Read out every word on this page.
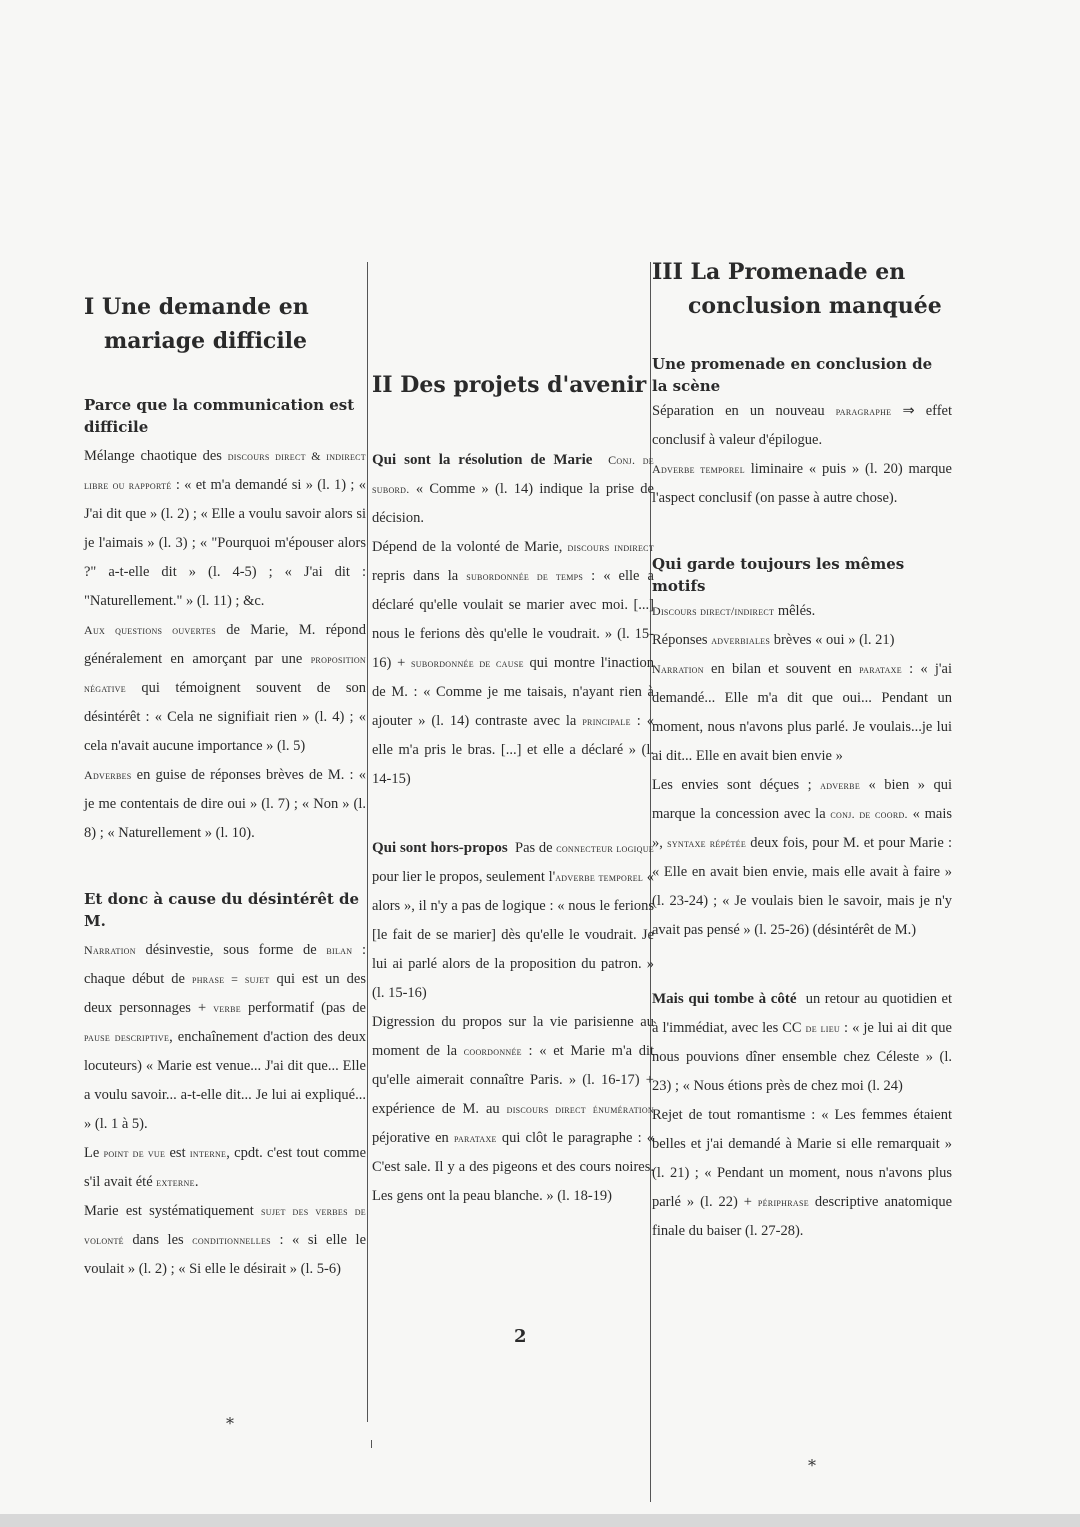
I Une demande en mariage difficile
Parce que la communication est difficile

Mélange chaotique des discours direct & indirect libre ou rapporté : « et m'a demandé si » (l. 1) ; « J'ai dit que » (l. 2) ; « Elle a voulu savoir alors si je l'aimais » (l. 3) ; « "Pourquoi m'épouser alors ?" a-t-elle dit » (l. 4-5) ; « J'ai dit : "Naturellement." » (l. 11) ; &c.

Aux questions ouvertes de Marie, M. répond généralement en amorçant par une proposition négative qui témoignent souvent de son désintérêt : « Cela ne signifiait rien » (l. 4) ; « cela n'avait aucune importance » (l. 5)

Adverbes en guise de réponses brèves de M. : « je me contentais de dire oui » (l. 7) ; « Non » (l. 8) ; « Naturellement » (l. 10).

Et donc à cause du désintérêt de M.

Narration désinvestie, sous forme de bilan : chaque début de phrase = sujet qui est un des deux personnages + verbe performatif (pas de pause descriptive, enchaînement d'action des deux locuteurs) « Marie est venue... J'ai dit que... Elle a voulu savoir... a-t-elle dit... Je lui ai expliqué... » (l. 1 à 5).

Le point de vue est interne, cpdt. c'est tout comme s'il avait été externe.

Marie est systématiquement sujet des verbes de volonté dans les conditionnelles : « si elle le voulait » (l. 2) ; « Si elle le désirait » (l. 5-6)

*
II Des projets d'avenir

Qui sont la résolution de Marie Conj. de subord. « Comme » (l. 14) indique la prise de décision.

Dépend de la volonté de Marie, discours indirect repris dans la subordonnée de temps : « elle a déclaré qu'elle voulait se marier avec moi. [...] nous le ferions dès qu'elle le voudrait. » (l. 15-16) + subordonnée de cause qui montre l'inaction de M. : « Comme je me taisais, n'ayant rien à ajouter » (l. 14) contraste avec la principale : « elle m'a pris le bras. [...] et elle a déclaré » (l. 14-15)

Qui sont hors-propos Pas de connecteur logique pour lier le propos, seulement l'adverbe temporel « alors », il n'y a pas de logique : « nous le ferions [le fait de se marier] dès qu'elle le voudrait. Je lui ai parlé alors de la proposition du patron. » (l. 15-16)

Digression du propos sur la vie parisienne au moment de la coordonnée : « et Marie m'a dit qu'elle aimerait connaître Paris. » (l. 16-17) + expérience de M. au discours direct énumération péjorative en parataxe qui clôt le paragraphe : « C'est sale. Il y a des pigeons et des cours noires. Les gens ont la peau blanche. » (l. 18-19)

2
III La Promenade en conclusion manquée
Une promenade en conclusion de la scène

Séparation en un nouveau paragraphe ⇒ effet conclusif à valeur d'épilogue.

Adverbe temporel liminaire « puis » (l. 20) marque l'aspect conclusif (on passe à autre chose).

Qui garde toujours les mêmes motifs

Discours direct/indirect mêlés.

Réponses adverbiales brèves « oui » (l. 21)

Narration en bilan et souvent en parataxe : « j'ai demandé... Elle m'a dit que oui... Pendant un moment, nous n'avons plus parlé. Je voulais...je lui ai dit... Elle en avait bien envie »

Les envies sont déçues ; adverbe « bien » qui marque la concession avec la conj. de coord. « mais », syntaxe répétée deux fois, pour M. et pour Marie : « Elle en avait bien envie, mais elle avait à faire » (l. 23-24) ; « Je voulais bien le savoir, mais je n'y avait pas pensé » (l. 25-26) (désintérêt de M.)

Mais qui tombe à côté un retour au quotidien et à l'immédiat, avec les CC de lieu : « je lui ai dit que nous pouvions dîner ensemble chez Céleste » (l. 23) ; « Nous étions près de chez moi (l. 24)

Rejet de tout romantisme : « Les femmes étaient belles et j'ai demandé à Marie si elle remarquait » (l. 21) ; « Pendant un moment, nous n'avons plus parlé » (l. 22) + périphrase descriptive anatomique finale du baiser (l. 27-28).

*
